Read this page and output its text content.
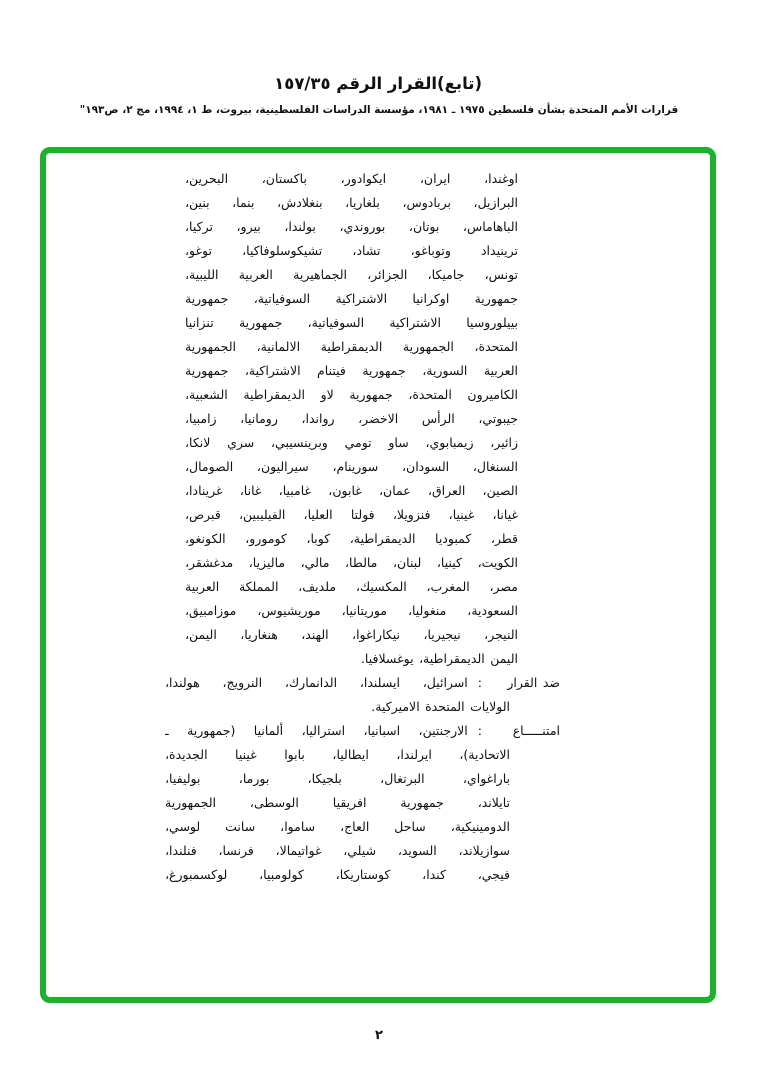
(تابع)القرار الرقم ١٥٧/٣٥
قرارات الأمم المتحدة بشأن فلسطين ١٩٧٥ ـ ١٩٨١، مؤسسة الدراسات الفلسطينية، بيروت، ط ١، ١٩٩٤، مج ٢، ص١٩٣"
اوغندا، ايران، ايكوادور، باكستان، البحرين،
البرازيل، بربادوس، بلغاريا، بنغلادش، بنما، بنين،
الباهاماس، بوتان، بوروندي، بولندا، بيرو، تركيا،
ترينيداد وتوباغو، تشاد، تشيكوسلوفاكيا، توغو،
تونس، جاميكا، الجزائر، الجماهيرية العربية الليبية،
جمهورية اوكرانيا الاشتراكية السوفياتية، جمهورية
بييلوروسيا الاشتراكية السوفياتية، جمهورية تنزانيا
المتحدة، الجمهورية الديمقراطية الالمانية، الجمهورية
العربية السورية، جمهورية فيتنام الاشتراكية، جمهورية
الكاميرون المتحدة، جمهورية لاو الديمقراطية الشعبية،
جيبوتي، الرأس الاخضر، رواندا، رومانيا، زامبيا،
زائير، زيمبابوي، ساو تومي وبرينسيبي، سري لانكا،
السنغال، السودان، سورينام، سيراليون، الصومال،
الصين، العراق، عمان، غابون، غامبيا، غانا، غرينادا،
غيانا، غينيا، فنزويلا، فولتا العليا، الفيليبين، قبرص،
قطر، كمبوديا الديمقراطية، كوبا، كومورو، الكونغو،
الكويت، كينيا، لبنان، مالطا، مالي، ماليزيا، مدغشقر،
مصر، المغرب، المكسيك، ملديف، المملكة العربية
السعودية، منغوليا، موريتانيا، موريشيوس، موزامبيق،
النيجر، نيجيريا، نيكاراغوا، الهند، هنغاريا، اليمن،
اليمن الديمقراطية، يوغسلافيا.
ضد القرار
:
اسرائيل، ايسلندا، الدانمارك، النرويج، هولندا،
الولايات المتحدة الاميركية.
امتنـــــاع
:
الارجنتين، اسبانيا، استراليا، ألمانيا (جمهورية ـ
الاتحادية)، ايرلندا، ايطاليا، بابوا غينيا الجديدة،
باراغواي، البرتغال، بلجيكا، بورما، بوليفيا،
تايلاند، جمهورية افريقيا الوسطى، الجمهورية
الدومينيكية، ساحل العاج، ساموا، سانت لوسي،
سوازيلاند، السويد، شيلي، غواتيمالا، فرنسا، فنلندا،
فيجي، كندا، كوستاريكا، كولومبيا، لوكسمبورغ،
٢
